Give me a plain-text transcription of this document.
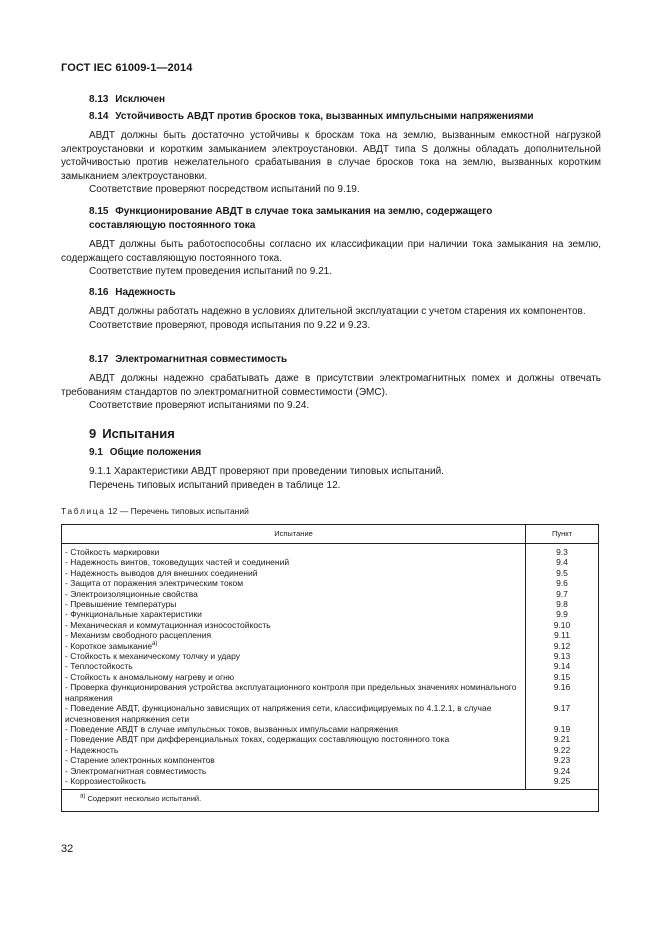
ГОСТ IEC 61009-1—2014
8.13 Исключен
8.14 Устойчивость АВДТ против бросков тока, вызванных импульсными напряжениями
АВДТ должны быть достаточно устойчивы к броскам тока на землю, вызванным емкостной нагрузкой электроустановки и коротким замыканием электроустановки. АВДТ типа S должны обладать дополнительной устойчивостью против нежелательного срабатывания в случае бросков тока на землю, вызванных коротким замыканием электроустановки.
Соответствие проверяют посредством испытаний по 9.19.
8.15 Функционирование АВДТ в случае тока замыкания на землю, содержащего составляющую постоянного тока
АВДТ должны быть работоспособны согласно их классификации при наличии тока замыкания на землю, содержащего составляющую постоянного тока.
Соответствие путем проведения испытаний по 9.21.
8.16 Надежность
АВДТ должны работать надежно в условиях длительной эксплуатации с учетом старения их компонентов.
Соответствие проверяют, проводя испытания по 9.22 и 9.23.
8.17 Электромагнитная совместимость
АВДТ должны надежно срабатывать даже в присутствии электромагнитных помех и должны отвечать требованиям стандартов по электромагнитной совместимости (ЭМС).
Соответствие проверяют испытаниями по 9.24.
9 Испытания
9.1 Общие положения
9.1.1 Характеристики АВДТ проверяют при проведении типовых испытаний.
Перечень типовых испытаний приведен в таблице 12.
Таблица 12 — Перечень типовых испытаний
Испытание	Пункт
- Стойкость маркировки	9.3
- Надежность винтов, токоведущих частей и соединений	9.4
- Надежность выводов для внешних соединений	9.5
- Защита от поражения электрическим током	9.6
- Электроизоляционные свойства	9.7
- Превышение температуры	9.8
- Функциональные характеристики	9.9
- Механическая и коммутационная износостойкость	9.10
- Механизм свободного расцепления	9.11
- Короткое замыкание$^{а)}$	9.12
- Стойкость к механическому толчку и удару	9.13
- Теплостойкость	9.14
- Стойкость к аномальному нагреву и огню	9.15
- Проверка функционирования устройства эксплуатационного контроля при предельных значениях номинального напряжения	9.16
- Поведение АВДТ, функционально зависящих от напряжения сети, классифицируемых по 4.1.2.1, в случае исчезновения напряжения сети	9.17
- Поведение АВДТ в случае импульсных токов, вызванных импульсами напряжения	9.19
- Поведение АВДТ при дифференциальных токах, содержащих составляющую постоянного тока	9.21
- Надежность	9.22
- Старение электронных компонентов	9.23
- Электромагнитная совместимость	9.24
- Коррозиестойкость	9.25
$^{а)}$ Содержит несколько испытаний.	
32
